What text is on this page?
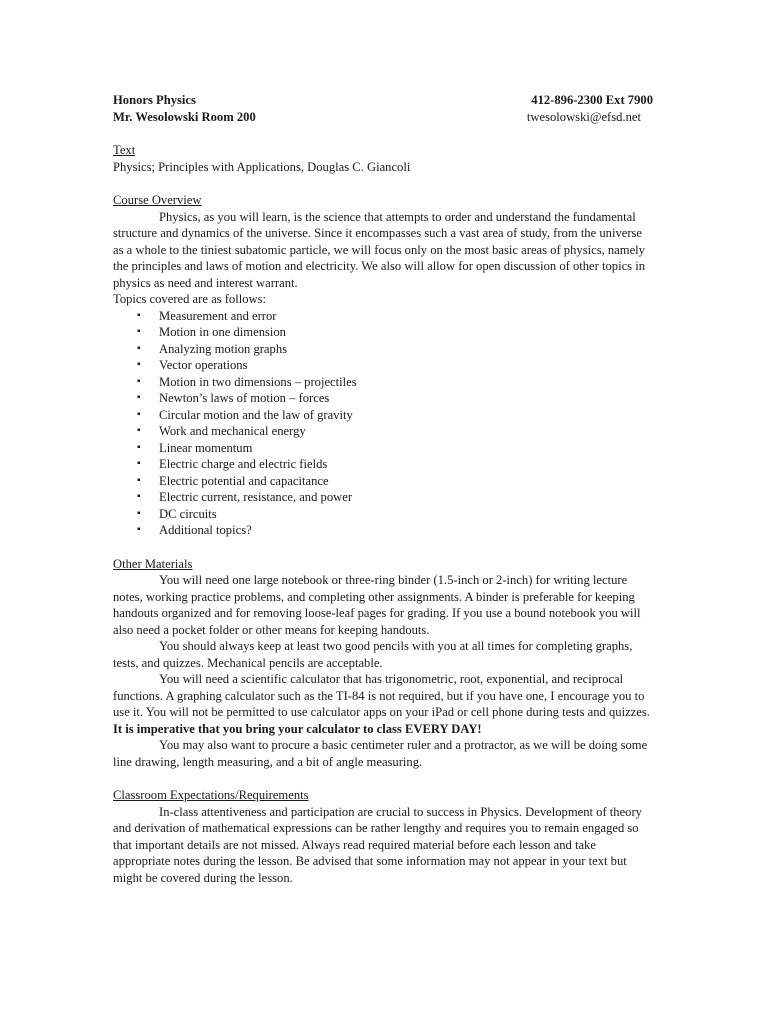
Honors Physics	412-896-2300 Ext 7900
Mr. Wesolowski Room 200	twesolowski@efsd.net
Text

Physics; Principles with Applications, Douglas C. Giancoli

Course Overview

Physics, as you will learn, is the science that attempts to order and understand the fundamental structure and dynamics of the universe. Since it encompasses such a vast area of study, from the universe as a whole to the tiniest subatomic particle, we will focus only on the most basic areas of physics, namely the principles and laws of motion and electricity. We also will allow for open discussion of other topics in physics as need and interest warrant.

Topics covered are as follows:

▪ Measurement and error
▪ Motion in one dimension
▪ Analyzing motion graphs
▪ Vector operations
▪ Motion in two dimensions – projectiles
▪ Newton’s laws of motion – forces
▪ Circular motion and the law of gravity
▪ Work and mechanical energy
▪ Linear momentum
▪ Electric charge and electric fields
▪ Electric potential and capacitance
▪ Electric current, resistance, and power
▪ DC circuits
▪ Additional topics?
Other Materials

You will need one large notebook or three-ring binder (1.5-inch or 2-inch) for writing lecture notes, working practice problems, and completing other assignments. A binder is preferable for keeping handouts organized and for removing loose-leaf pages for grading. If you use a bound notebook you will also need a pocket folder or other means for keeping handouts.

You should always keep at least two good pencils with you at all times for completing graphs, tests, and quizzes. Mechanical pencils are acceptable.

You will need a scientific calculator that has trigonometric, root, exponential, and reciprocal functions. A graphing calculator such as the TI-84 is not required, but if you have one, I encourage you to use it. You will not be permitted to use calculator apps on your iPad or cell phone during tests and quizzes. It is imperative that you bring your calculator to class EVERY DAY!

You may also want to procure a basic centimeter ruler and a protractor, as we will be doing some line drawing, length measuring, and a bit of angle measuring.

Classroom Expectations/Requirements

In-class attentiveness and participation are crucial to success in Physics. Development of theory and derivation of mathematical expressions can be rather lengthy and requires you to remain engaged so that important details are not missed. Always read required material before each lesson and take appropriate notes during the lesson. Be advised that some information may not appear in your text but might be covered during the lesson.
